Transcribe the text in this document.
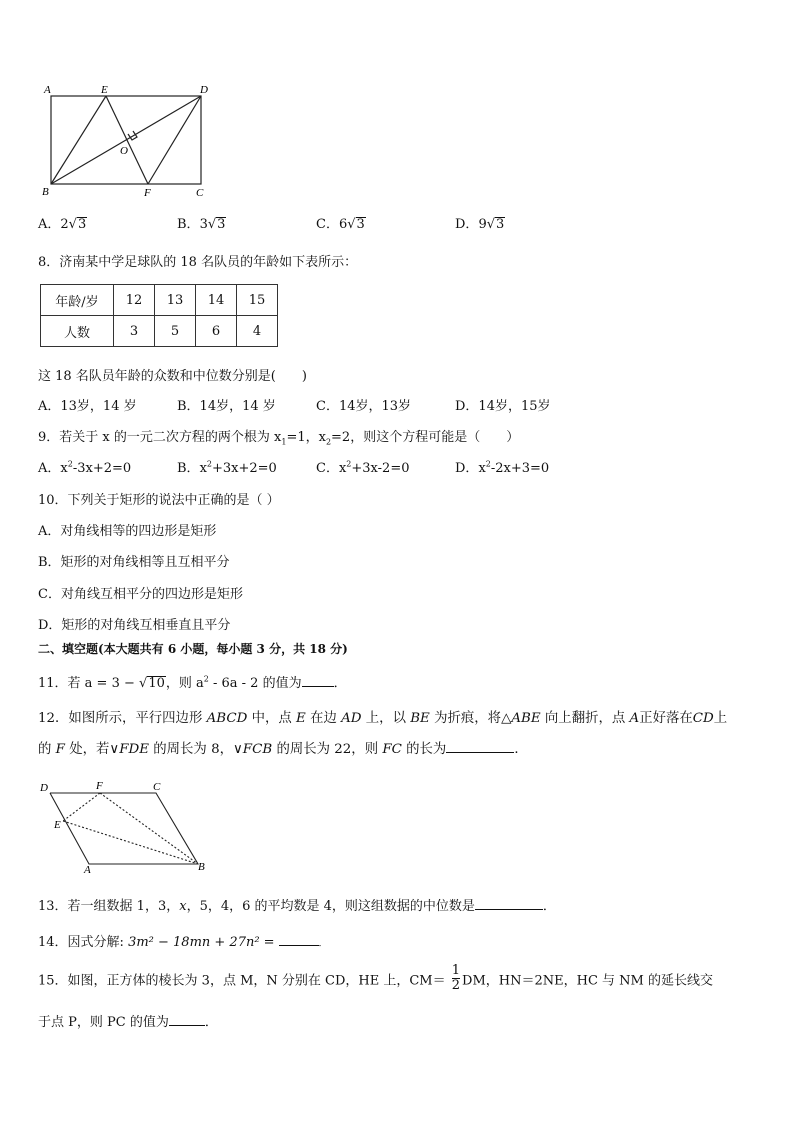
A	E	D
O
B	F	C
A．2√3	B．3√3	C．6√3	D．9√3
8．济南某中学足球队的 18 名队员的年龄如下表所示：
年龄/岁	12	13	14	15
人数	3	5	6	4
这 18 名队员年龄的众数和中位数分别是(　　)
A．13岁，14 岁	B．14岁，14 岁	C．14岁，13岁	D．14岁，15岁
9．若关于 x 的一元二次方程的两个根为 $x_1=1$，$x_2=2$，则这个方程可能是（　　）
A．$x^2-3x+2=0$	B．$x^2+3x+2=0$	C．$x^2+3x-2=0$	D．$x^2-2x+3=0$
10．下列关于矩形的说法中正确的是（ ）
A．对角线相等的四边形是矩形
B．矩形的对角线相等且互相平分
C．对角线互相平分的四边形是矩形
D．矩形的对角线互相垂直且平分
二、填空题(本大题共有 6 小题，每小题 3 分，共 18 分)
11．若 a = 3 − √10，则 $a^2 - 6a - 2$ 的值为 ．
12．如图所示，平行四边形 ABCD 中，点 E 在边 AD 上，以 BE 为折痕，将△ABE 向上翻折，点 A正好落在CD上
的 F 处，若∨FDE 的周长为 8，∨FCB 的周长为 22，则 FC 的长为	．
D	F	C
E
A	B
13．若一组数据 1，3，x，5，4，6 的平均数是 4，则这组数据的中位数是	．
14．因式分解: 3m² − 18mn + 27n² =	．
15．如图，正方体的棱长为 3，点 M，N 分别在 CD，HE 上，$CM= \frac{1}{2}$ DM，HN＝2NE，HC 与 NM 的延长线交
于点 P，则 PC 的值为	．
